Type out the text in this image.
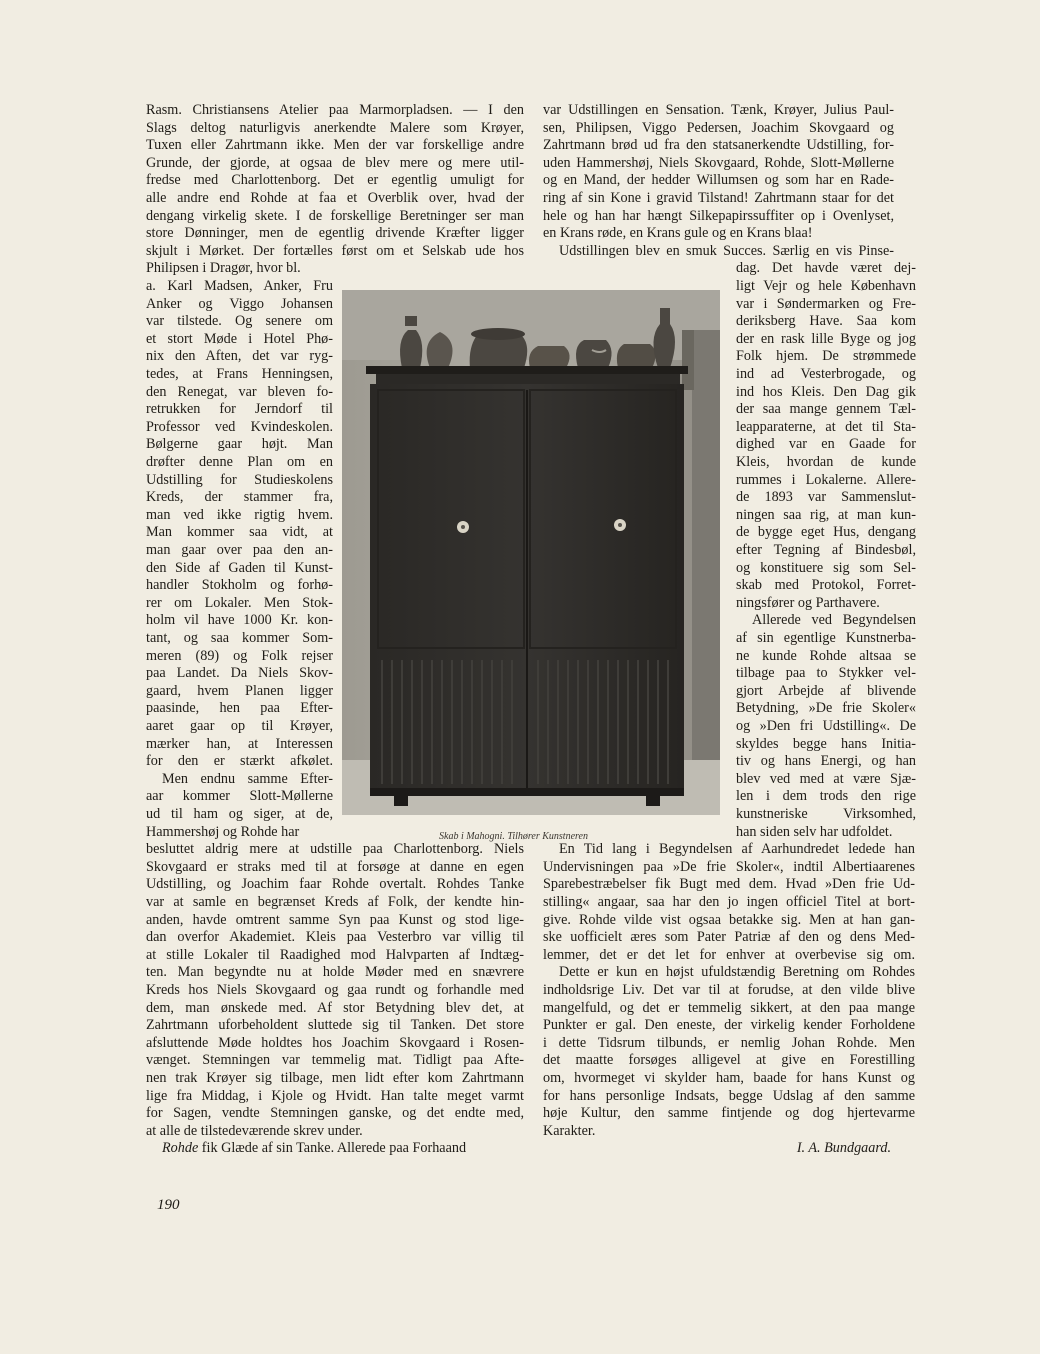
Rasm. Christiansens Atelier paa Marmorpladsen. — I den

Slags deltog naturligvis anerkendte Malere som Krøyer,

Tuxen eller Zahrtmann ikke. Men der var forskellige andre

Grunde, der gjorde, at ogsaa de blev mere og mere util-

fredse med Charlottenborg. Det er egentlig umuligt for

alle andre end Rohde at faa et Overblik over, hvad der

dengang virkelig skete. I de forskellige Beretninger ser man

store Dønninger, men de egentlig drivende Kræfter ligger

skjult i Mørket. Der fortælles først om et Selskab ude hos

Philipsen i Dragør, hvor bl.

a. Karl Madsen, Anker, Fru

Anker og Viggo Johansen

var tilstede. Og senere om

et stort Møde i Hotel Phø-

nix den Aften, det var ryg-

tedes, at Frans Henningsen,

den Renegat, var bleven fo-

retrukken for Jerndorf til

Professor ved Kvindeskolen.

Bølgerne gaar højt. Man

drøfter denne Plan om en

Udstilling for Studieskolens

Kreds, der stammer fra,

man ved ikke rigtig hvem.

Man kommer saa vidt, at

man gaar over paa den an-

den Side af Gaden til Kunst-

handler Stokholm og forhø-

rer om Lokaler. Men Stok-

holm vil have 1000 Kr. kon-

tant, og saa kommer Som-

meren (89) og Folk rejser

paa Landet. Da Niels Skov-

gaard, hvem Planen ligger

paasinde, hen paa Efter-

aaret gaar op til Krøyer,

mærker han, at Interessen

for den er stærkt afkølet.

Men endnu samme Efter-

aar kommer Slott-Møllerne

ud til ham og siger, at de,

Hammershøj og Rohde har

besluttet aldrig mere at udstille paa Charlottenborg. Niels

Skovgaard er straks med til at forsøge at danne en egen

Udstilling, og Joachim faar Rohde overtalt. Rohdes Tanke

var at samle en begrænset Kreds af Folk, der kendte hin-

anden, havde omtrent samme Syn paa Kunst og stod lige-

dan overfor Akademiet. Kleis paa Vesterbro var villig til

at stille Lokaler til Raadighed mod Halvparten af Indtæg-

ten. Man begyndte nu at holde Møder med en snævrere

Kreds hos Niels Skovgaard og gaa rundt og forhandle med

dem, man ønskede med. Af stor Betydning blev det, at

Zahrtmann uforbeholdent sluttede sig til Tanken. Det store

afsluttende Møde holdtes hos Joachim Skovgaard i Rosen-

vænget. Stemningen var temmelig mat. Tidligt paa Afte-

nen trak Krøyer sig tilbage, men lidt efter kom Zahrtmann

lige fra Middag, i Kjole og Hvidt. Han talte meget varmt

for Sagen, vendte Stemningen ganske, og det endte med,

at alle de tilstedeværende skrev under.

Rohde fik Glæde af sin Tanke. Allerede paa Forhaand

var Udstillingen en Sensation. Tænk, Krøyer, Julius Paul-

sen, Philipsen, Viggo Pedersen, Joachim Skovgaard og

Zahrtmann brød ud fra den statsanerkendte Udstilling, for-

uden Hammershøj, Niels Skovgaard, Rohde, Slott-Møllerne

og en Mand, der hedder Willumsen og som har en Rade-

ring af sin Kone i gravid Tilstand! Zahrtmann staar for det

hele og han har hængt Silkepapirssuffiter op i Ovenlyset,

en Krans røde, en Krans gule og en Krans blaa!

Udstillingen blev en smuk Succes. Særlig en vis Pinse-

dag. Det havde været dej-

ligt Vejr og hele København

var i Søndermarken og Fre-

deriksberg Have. Saa kom

der en rask lille Byge og jog

Folk hjem. De strømmede

ind ad Vesterbrogade, og

ind hos Kleis. Den Dag gik

der saa mange gennem Tæl-

leapparaterne, at det til Sta-

dighed var en Gaade for

Kleis, hvordan de kunde

rummes i Lokalerne. Allere-

de 1893 var Sammenslut-

ningen saa rig, at man kun-

de bygge eget Hus, dengang

efter Tegning af Bindesbøl,

og konstituere sig som Sel-

skab med Protokol, Forret-

ningsfører og Parthavere.

Allerede ved Begyndelsen

af sin egentlige Kunstnerba-

ne kunde Rohde altsaa se

tilbage paa to Stykker vel-

gjort Arbejde af blivende

Betydning, »De frie Skoler«

og »Den fri Udstilling«. De

skyldes begge hans Initia-

tiv og hans Energi, og han

blev ved med at være Sjæ-

len i dem trods den rige

kunstneriske Virksomhed,

han siden selv har udfoldet.

En Tid lang i Begyndelsen af Aarhundredet ledede han

Undervisningen paa »De frie Skoler«, indtil Albertiaarenes

Sparebestræbelser fik Bugt med dem. Hvad »Den frie Ud-

stilling« angaar, saa har den jo ingen officiel Titel at bort-

give. Rohde vilde vist ogsaa betakke sig. Men at han gan-

ske uofficielt æres som Pater Patriæ af den og dens Med-

lemmer, det er det let for enhver at overbevise sig om.

Dette er kun en højst ufuldstændig Beretning om Rohdes

indholdsrige Liv. Det var til at forudse, at den vilde blive

mangelfuld, og det er temmelig sikkert, at den paa mange

Punkter er gal. Den eneste, der virkelig kender Forholdene

i dette Tidsrum tilbunds, er nemlig Johan Rohde. Men

det maatte forsøges alligevel at give en Forestilling

om, hvormeget vi skylder ham, baade for hans Kunst og

for hans personlige Indsats, begge Udslag af den samme

høje Kultur, den samme fintjende og dog hjertevarme

Karakter.

I. A. Bundgaard.

Skab i Mahogni. Tilhører Kunstneren
190
